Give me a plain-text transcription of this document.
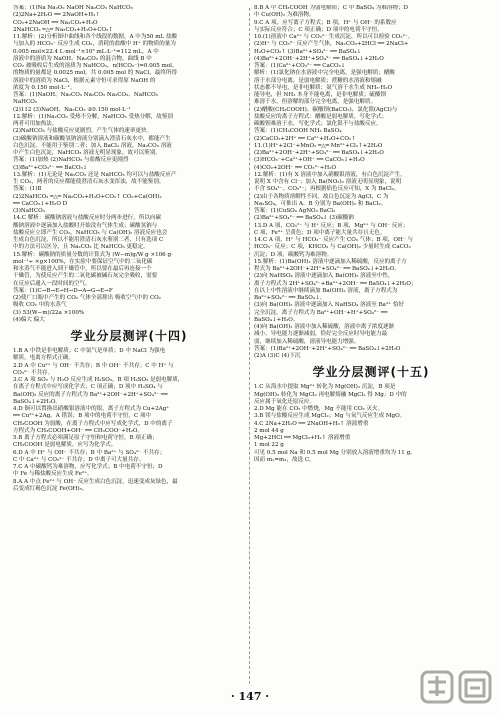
答案：(1)Na Na₂O₂ NaOH Na₂CO₃ NaHCO₃
(2)2Na+2H₂O ══ 2NaOH+H₂↑
CO₂+2NaOH ══ Na₂CO₃+H₂O
2NaHCO₃ ═△═ Na₂CO₃+H₂O+CO₂↑
11.解析：(2)分析图中曲线和各个线段的数据，A 中为50 mL 盐酸
与加入的 HCO₃⁻ 反应生成 CO₂，消耗的盐酸中 H⁺ 的物质的量为
0.005 mol×22.4 L·mol⁻¹×10³ mL·L⁻¹=112 mL。A 中
溶液中的溶质为 NaOH、Na₂CO₃ 的混合物，曲线 B 中
CO₂ 被吸收后生成的溶质为 NaHCO₃，n(HCO₃⁻)=0.005 mol。
的物质的量都是 0.0025 mol，共 0.005 mol 的 NaCl，最终所得
溶液中的溶质为 NaCl，根据元素守恒可求得原 NaOH 的
浓度为 0.150 mol·L⁻¹。
答案：(1)NaOH、Na₂CO₃ Na₂CO₃ Na₂CO₃、NaHCO₃
NaHCO₃
(2)112 (3)NaOH、Na₂CO₃ ②0.150 mol·L⁻¹
12.解析：(1)Na₂CO₃ 受热不分解，NaHCO₃ 受热分解，故鉴别
两者可用加热法。
(2)NaHCO₃ 与盐酸反应更剧烈，产生气体的速率更快。
(3)碳酸钠溶液和碳酸氢钠溶液分别滴入澄清石灰水中，都能产生
白色沉淀，不能用于鉴别二者；加入 BaCl₂ 溶液，Na₂CO₃ 溶液
中产生白色沉淀，NaHCO₃ 溶液无明显现象，故可以鉴别。
答案：(1)加热 (2)NaHCO₃ 与盐酸反应更剧烈
(3)Ba²⁺+CO₃²⁻ ══ BaCO₃↓
13.解析：(1)无论是 Na₂CO₃ 还是 NaHCO₃ 均可以与盐酸反应产
生 CO₂，两者的反应都能使澄清石灰水变浑浊，故不能鉴别。
答案：(1)Ⅱ
(2)2NaHCO₃ ═△═ Na₂CO₃+H₂O+CO₂↑ CO₂+Ca(OH)₂
══ CaCO₃↓+H₂O D
(3)NaHCO₃
14.C 解析：碳酸钠溶液与盐酸反应时分两步进行，所以向碳
酸钠溶液中逐滴加入盐酸时开始没有气体生成；碳酸氢钠与
盐酸反应立即产生 CO₂，NaHCO₃ 与 Ca(OH)₂ 溶液反应也会
生成白色沉淀，所以不能用澄清石灰水鉴别二者，只有选项 C
中的方法可以区分，且 Na₂CO₃ 比 NaHCO₃ 更稳定。
15.解析：碳酸钠的质量分数的计算式为 (W−m)g/W g ×106 g·
mol⁻¹÷ ×g×100%，在实验中要保证空气中的二氧化碳
和水蒸气不能进入到干燥管中，所以要在最后再连接一个
干燥管，为使反应产生的二氧化碳被碱石灰完全吸收，需要
在反应后通入一段时间的空气。
答案：(1)C→B→E→H→D→A→G→E→F
(2)使广口瓶中产生的 CO₂ 气体全部排出 吸收空气中的 CO₂
吸收 CO₂ 中的水蒸气
(3) 53(W−m)/22a ×100%
(4)偏大 偏大
学业分层测评(十四)
1.B A 中铁是非电解质；C 中氯气是单质；D 中 NaCl 为强电
解质，电离方程式正确。
2.D A 中 Cu²⁺ 与 OH⁻ 不共存；B 中 OH⁻ 不共存；C 中 H⁺ 与
CO₃²⁻ 不共存。
3.C A 项 SO₂ 与 H₂O 反应生成 H₂SO₃，B 项 H₂SO₃ 是弱电解质，
在离子方程式中应写成化学式；C 项正确；D 项中 H₂SO₄ 与
Ba(OH)₂ 反应的离子方程式为 Ba²⁺+2OH⁻+2H⁺+SO₄²⁻ ══
BaSO₄↓+2H₂O。
4.D 铜可以置换出硝酸银溶液中的银，离子方程式为 Cu+2Ag⁺
══ Cu²⁺+2Ag，A 错误；B 项中的电荷不守恒，C 项中
CH₃COOH 为弱酸，在离子方程式中应写成化学式，D 中的离子
方程式为 CH₃COOH+OH⁻ ══ CH₃COO⁻+H₂O。
5.B 离子方程式必须满足原子守恒和电荷守恒，B 项正确；
CH₃COOH 是弱电解质，应写为化学式。
6.D A 中 H⁺ 与 OH⁻ 不共存；B 中 Ba²⁺ 与 SO₄²⁻ 不共存；
C 中 Ca²⁺ 与 CO₃²⁻ 不共存；D 中离子可大量共存。
7.C A 中碳酸钙为难溶物，应写化学式；B 中电荷不守恒；D
中 Fe 与稀盐酸反应生成 Fe²⁺。
8.A A 中点 Fe²⁺ 与 OH⁻ 反应生成白色沉淀，迅速变成灰绿色，最
后变成红褐色沉淀 Fe(OH)₃。
8.B A 中 CH₃COOH 为弱电解质；C 中 BaSO₄ 为难溶物；D
中 Cu(OH)₂ 为难溶物。
9.C A 项，应写离子方程式；B 项，H⁺ 与 OH⁻ 的系数应
与实际反应符合；C 项正确；D 项中的电荷不守恒。
10.(1)溶液中 Ca²⁺ 与 CO₃²⁻ 生成沉淀，所以可以检验 CO₃²⁻。
(2)H⁺ 与 CO₃²⁻ 反应产生气体，Na₂CO₃+2HCl ══ 2NaCl+
H₂O+CO₂↑ (3)Ba²⁺+SO₄²⁻ ══ BaSO₄↓
(4)Ba²⁺+2OH⁻+2H⁺+SO₄²⁻ ══ BaSO₄↓+2H₂O
答案：(1)Ca²⁺+CO₃²⁻ ══ CaCO₃↓
解析：(1)氯化钠在水溶液中完全电离，是强电解质；醋酸
溶于水部分电离，是弱电解质；蔗糖的水溶液和熔融
状态都不导电，是非电解质；氨气溶于水生成 NH₃·H₂O
能导电，但 NH₃ 本身不能电离，是非电解质；硫酸钡
难溶于水，但溶解的部分完全电离，是强电解质。
(2)醋酸(CH₃COOH)、碳酸钡(BaCO₃)、氯化银(AgCl)与
盐酸反应的离子方程式：醋酸是弱电解质，写化学式；
碳酸钡难溶于水，写化学式；氯化银不与盐酸反应。
答案：(1)CH₃COOH NH₃ BaSO₄
(2)CaCO₃+2H⁺ ══ Ca²⁺+H₂O+CO₂↑
11.(1)H⁺+2Cl⁻+MnO₂ ═△═ Mn²⁺+Cl₂↑+2H₂O
(2)Ba²⁺+2OH⁻+2H⁺+SO₄²⁻ ══ BaSO₄↓+2H₂O
(3)HCO₃⁻+Ca²⁺+OH⁻ ══ CaCO₃↓+H₂O
(4)CO₂+2OH⁻ ══ CO₃²⁻+H₂O
12.解析：(1)有 X 溶液中加入硝酸银溶液，有白色沉淀产生，
说明 X 中含有 Cl⁻；加入 Ba(NO₃)₂ 溶液无明显现象，说明
不含 SO₄²⁻、CO₃²⁻；再根据焰色反应可知，X 为 BaCl₂。
(2)由于各物质溶解性不同，故白色沉淀为 AgCl，C 为
Na₂SO₄，可推出 A、B 分别为 Ba(OH)₂ 和 BaCl₂。
答案：(1)CuSO₄ AgNO₃ BaCl₂
(2)Ba²⁺+SO₄²⁻ ══ BaSO₄↓ (3)碳酸钠
13.D A 项，CO₃²⁻ 与 H⁺ 反应；B 项，Mg²⁺ 与 OH⁻ 反应；
C 项，Fe³⁺ 呈黄色；D 项中离子能大量共存且无色。
14.C A 项，H⁺ 与 HCO₃⁻ 反应产生 CO₂ 气体；B 项，OH⁻ 与
HCO₃⁻ 反应；C 项，KHCO₃ 与 Ca(OH)₂ 少量时生成 CaCO₃
沉淀；D 项，碳酸钙为难溶物。
15.解析：(1)Ba(OH)₂ 溶液中逐滴加入稀硫酸，反应的离子方
程式为 Ba²⁺+2OH⁻+2H⁺+SO₄²⁻ ══ BaSO₄↓+2H₂O。
(2)向 NaHSO₄ 溶液中逐滴加入 Ba(OH)₂ 溶液至中性，
离子方程式为 2H⁺+SO₄²⁻+Ba²⁺+2OH⁻ ══ BaSO₄↓+2H₂O；
在以上中性溶液中继续滴加 Ba(OH)₂ 溶液，离子方程式为
Ba²⁺+SO₄²⁻ ══ BaSO₄↓。
(3)向 Ba(OH)₂ 溶液中逐滴加入 NaHSO₄ 溶液至 Ba²⁺ 恰好
完全沉淀，离子方程式为 Ba²⁺+OH⁻+H⁺+SO₄²⁻ ══
BaSO₄↓+H₂O。
(4)向 Ba(OH)₂ 溶液中加入稀硫酸，溶液中离子浓度逐渐
减小，导电能力逐渐减弱，恰好完全反应时导电能力最
弱，继续加入稀硫酸，溶液导电能力增强。
答案：(1)Ba²⁺+2OH⁻+2H⁺+SO₄²⁻ ══ BaSO₄↓+2H₂O
(2)A (3)C (4)下沉
学业分层测评(十五)
1.C 从海水中提取 Mg²⁺ 转化为 Mg(OH)₂ 沉淀，B 项是
Mg(OH)₂ 转化为 MgCl₂ 再电解熔融 MgCl₂ 得 Mg；D 中的
反应属于氧化还原反应。
2.D Mg 能在 CO₂ 中燃烧，Mg 不能用 CO₂ 灭火。
3.B 镁与盐酸反应生成 MgCl₂；Mg 与氧气反应生成 MgO。
4.C 2Na+2H₂O ══ 2NaOH+H₂↑ 溶液增重
2 mol 44 g
Mg+2HCl ══ MgCl₂+H₂↑ 溶液增重
1 mol 22 g
可见 0.5 mol Na 和 0.5 mol Mg 分别放入溶液增重均为 11 g，
因而 m₁=m₂，故选 C。
· 147 ·
